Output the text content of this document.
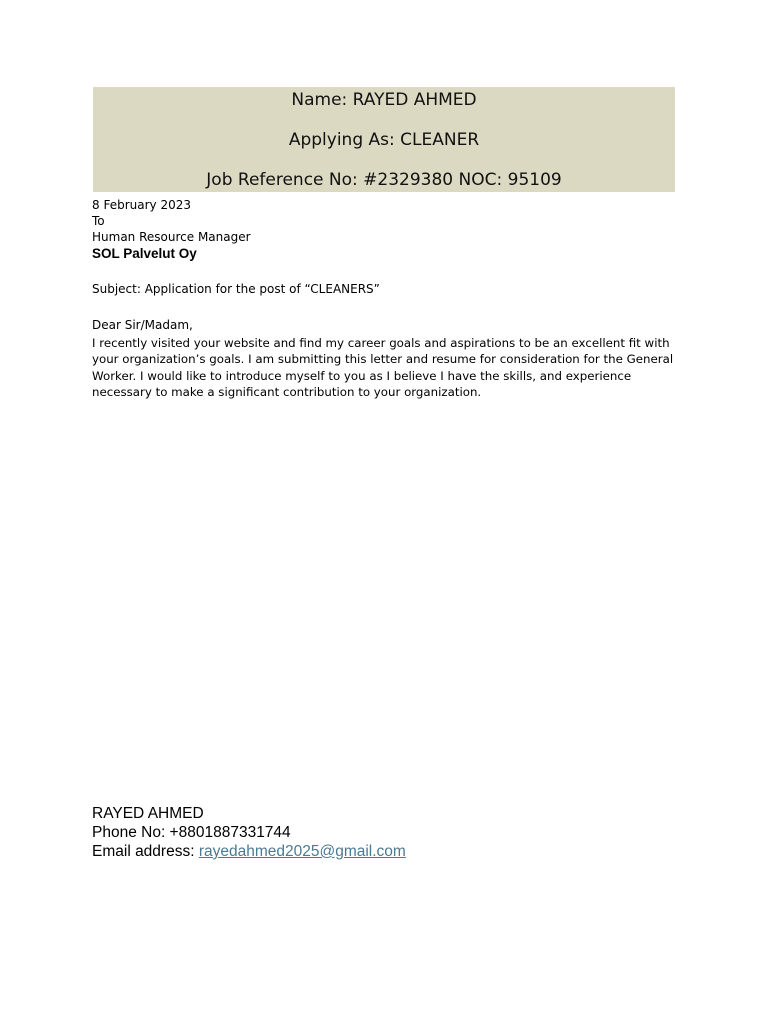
Name: RAYED AHMED
Applying As: CLEANER
Job Reference No: #2329380 NOC: 95109
8 February 2023
To
Human Resource Manager
SOL Palvelut Oy
Subject: Application for the post of “CLEANERS”
Dear Sir/Madam,
I recently visited your website and find my career goals and aspirations to be an excellent fit with your organization’s goals. I am submitting this letter and resume for consideration for the General Worker. I would like to introduce myself to you as I believe I have the skills, and experience necessary to make a significant contribution to your organization.
RAYED AHMED
Phone No: +8801887331744
Email address: rayedahmed2025@gmail.com
